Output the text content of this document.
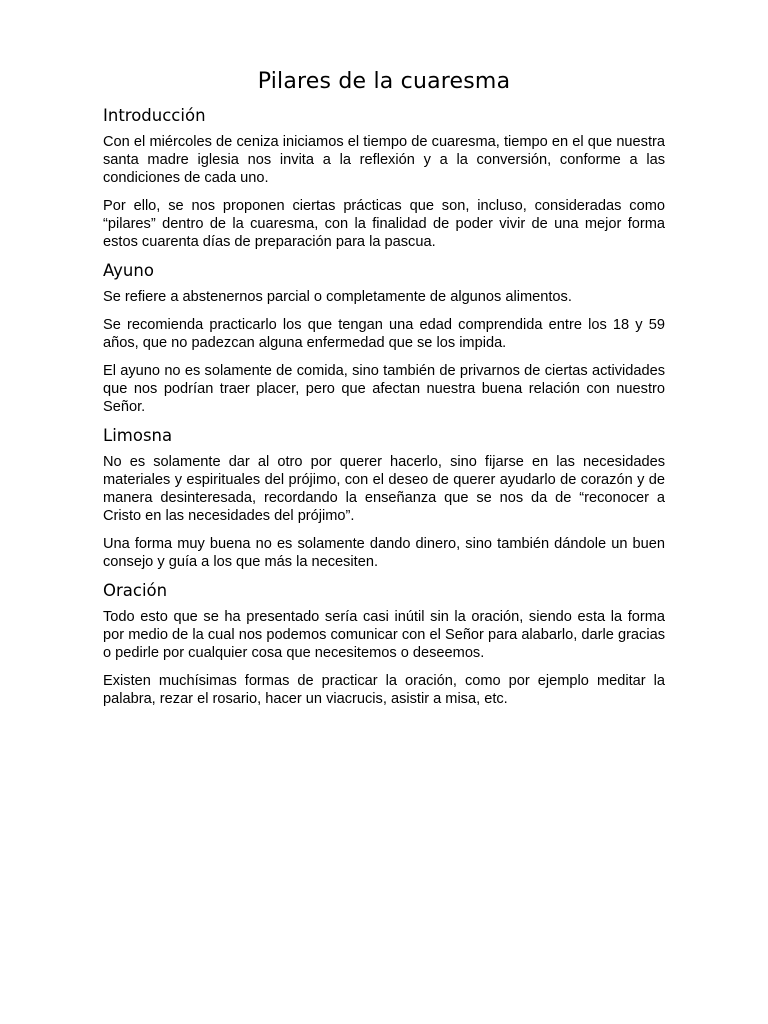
Pilares de la cuaresma
Introducción

Con el miércoles de ceniza iniciamos el tiempo de cuaresma, tiempo en el que nuestra santa madre iglesia nos invita a la reflexión y a la conversión, conforme a las condiciones de cada uno.

Por ello, se nos proponen ciertas prácticas que son, incluso, consideradas como “pilares” dentro de la cuaresma, con la finalidad de poder vivir de una mejor forma estos cuarenta días de preparación para la pascua.

Ayuno

Se refiere a abstenernos parcial o completamente de algunos alimentos.

Se recomienda practicarlo los que tengan una edad comprendida entre los 18 y 59 años, que no padezcan alguna enfermedad que se los impida.

El ayuno no es solamente de comida, sino también de privarnos de ciertas actividades que nos podrían traer placer, pero que afectan nuestra buena relación con nuestro Señor.

Limosna

No es solamente dar al otro por querer hacerlo, sino fijarse en las necesidades materiales y espirituales del prójimo, con el deseo de querer ayudarlo de corazón y de manera desinteresada, recordando la enseñanza que se nos da de “reconocer a Cristo en las necesidades del prójimo”.

Una forma muy buena no es solamente dando dinero, sino también dándole un buen consejo y guía a los que más la necesiten.

Oración

Todo esto que se ha presentado sería casi inútil sin la oración, siendo esta la forma por medio de la cual nos podemos comunicar con el Señor para alabarlo, darle gracias o pedirle por cualquier cosa que necesitemos o deseemos.

Existen muchísimas formas de practicar la oración, como por ejemplo meditar la palabra, rezar el rosario, hacer un viacrucis, asistir a misa, etc.
